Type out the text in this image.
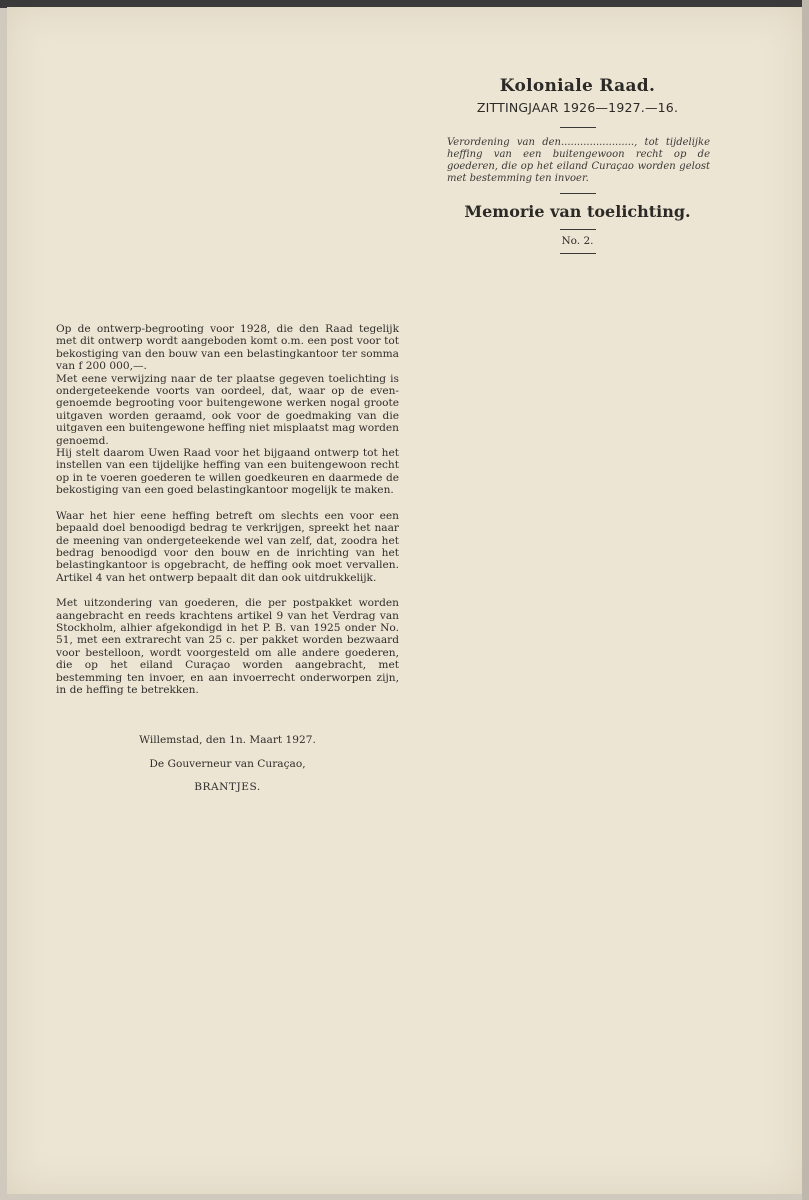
Koloniale Raad.
ZITTINGJAAR 1926—1927.—16.
Verordening van den......................., tot tijdelijke heffing van een buitengewoon recht op de goederen, die op het eiland Curaçao worden gelost met bestemming ten invoer.
Memorie van toelichting.
No. 2.

Op de ontwerp-begrooting voor 1928, die den Raad tegelijk met dit ontwerp wordt aangeboden komt o.m. een post voor tot bekostiging van den bouw van een belastingkantoor ter somma van f 200 000,—.

Met eene verwijzing naar de ter plaatse gegeven toelichting is ondergeteekende voorts van oordeel, dat, waar op de even-genoemde begrooting voor buitengewone werken nogal groote uitgaven worden geraamd, ook voor de goedmaking van die uitgaven een buitengewone heffing niet misplaatst mag worden genoemd.

Hij stelt daarom Uwen Raad voor het bijgaand ontwerp tot het instellen van een tijdelijke heffing van een buitengewoon recht op in te voeren goederen te willen goedkeuren en daarmede de bekostiging van een goed belastingkantoor mogelijk te maken.

Waar het hier eene heffing betreft om slechts een voor een bepaald doel benoodigd bedrag te verkrijgen, spreekt het naar de meening van ondergeteekende wel van zelf, dat, zoodra het bedrag benoodigd voor den bouw en de inrichting van het belastingkantoor is opgebracht, de heffing ook moet vervallen. Artikel 4 van het ontwerp bepaalt dit dan ook uitdrukkelijk.

Met uitzondering van goederen, die per postpakket worden aangebracht en reeds krachtens artikel 9 van het Verdrag van Stockholm, alhier afgekondigd in het P. B. van 1925 onder No. 51, met een extrarecht van 25 c. per pakket worden bezwaard voor bestelloon, wordt voorgesteld om alle andere goederen, die op het eiland Curaçao worden aangebracht, met bestemming ten invoer, en aan invoerrecht onderworpen zijn, in de heffing te betrekken.

Willemstad, den 1n. Maart 1927.
De Gouverneur van Curaçao,
BRANTJES.
